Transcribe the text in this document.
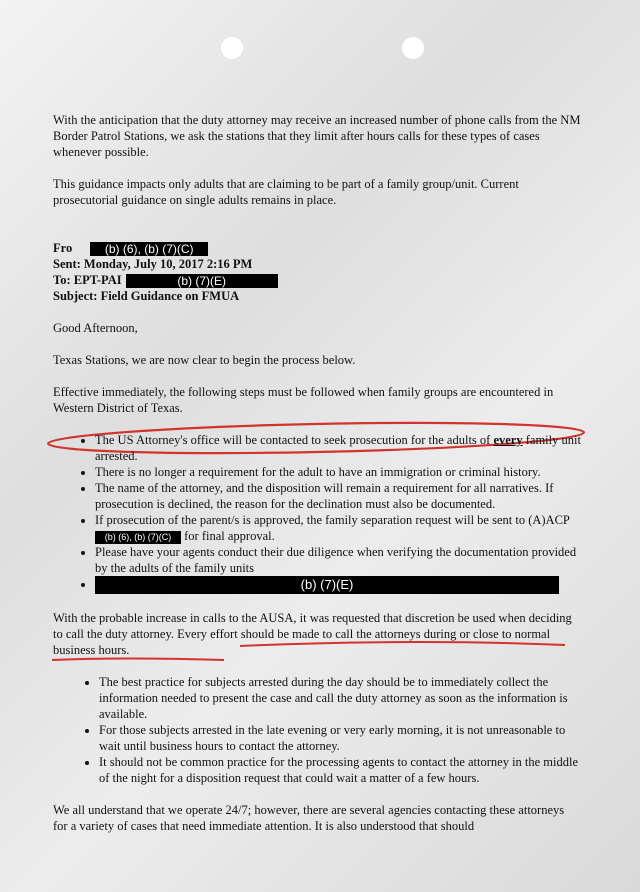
With the anticipation that the duty attorney may receive an increased number of phone calls from the NM Border Patrol Stations, we ask the stations that they limit after hours calls for these types of cases whenever possible.

This guidance impacts only adults that are claiming to be part of a family group/unit. Current prosecutorial guidance on single adults remains in place.

Fro	(b) (6), (b) (7)(C)
Sent: Monday, July 10, 2017 2:16 PM
To: EPT-PAI	(b) (7)(E)
Subject: Field Guidance on FMUA

Good Afternoon,

Texas Stations, we are now clear to begin the process below.

Effective immediately, the following steps must be followed when family groups are encountered in Western District of Texas.

• The US Attorney's office will be contacted to seek prosecution for the adults of every family unit arrested.
• There is no longer a requirement for the adult to have an immigration or criminal history.
• The name of the attorney, and the disposition will remain a requirement for all narratives. If prosecution is declined, the reason for the declination must also be documented.
• If prosecution of the parent/s is approved, the family separation request will be sent to (A)ACP (b) (6), (b) (7)(C) for final approval.
• Please have your agents conduct their due diligence when verifying the documentation provided by the adults of the family units
• (b) (7)(E)

With the probable increase in calls to the AUSA, it was requested that discretion be used when deciding to call the duty attorney. Every effort should be made to call the attorneys during or close to normal business hours.

• The best practice for subjects arrested during the day should be to immediately collect the information needed to present the case and call the duty attorney as soon as the information is available.
• For those subjects arrested in the late evening or very early morning, it is not unreasonable to wait until business hours to contact the attorney.
• It should not be common practice for the processing agents to contact the attorney in the middle of the night for a disposition request that could wait a matter of a few hours.

We all understand that we operate 24/7; however, there are several agencies contacting these attorneys for a variety of cases that need immediate attention. It is also understood that should
